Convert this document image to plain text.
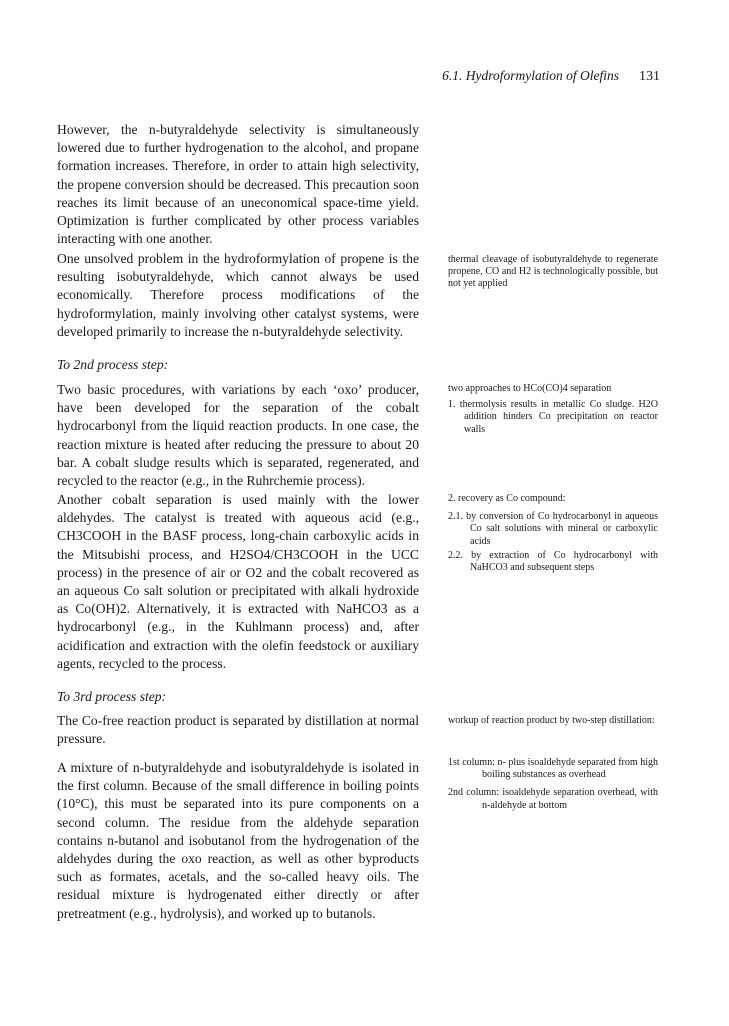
6.1. Hydroformylation of Olefins 131

However, the n-butyraldehyde selectivity is simultaneously lowered due to further hydrogenation to the alcohol, and propane formation increases. Therefore, in order to attain high selectivity, the propene conversion should be decreased. This precaution soon reaches its limit because of an uneconomical space-time yield. Optimization is further complicated by other process variables interacting with one another.

One unsolved problem in the hydroformylation of propene is the resulting isobutyraldehyde, which cannot always be used economically. Therefore process modifications of the hydroformylation, mainly involving other catalyst systems, were developed primarily to increase the n-butyraldehyde selectivity.

To 2nd process step:

Two basic procedures, with variations by each ‘oxo’ producer, have been developed for the separation of the cobalt hydrocarbonyl from the liquid reaction products. In one case, the reaction mixture is heated after reducing the pressure to about 20 bar. A cobalt sludge results which is separated, regenerated, and recycled to the reactor (e.g., in the Ruhrchemie process).

Another cobalt separation is used mainly with the lower aldehydes. The catalyst is treated with aqueous acid (e.g., CH3COOH in the BASF process, long-chain carboxylic acids in the Mitsubishi process, and H2SO4/CH3COOH in the UCC process) in the presence of air or O2 and the cobalt recovered as an aqueous Co salt solution or precipitated with alkali hydroxide as Co(OH)2. Alternatively, it is extracted with NaHCO3 as a hydrocarbonyl (e.g., in the Kuhlmann process) and, after acidification and extraction with the olefin feedstock or auxiliary agents, recycled to the process.

To 3rd process step:

The Co-free reaction product is separated by distillation at normal pressure.

A mixture of n-butyraldehyde and isobutyraldehyde is isolated in the first column. Because of the small difference in boiling points (10°C), this must be separated into its pure components on a second column. The residue from the aldehyde separation contains n-butanol and isobutanol from the hydrogenation of the aldehydes during the oxo reaction, as well as other byproducts such as formates, acetals, and the so-called heavy oils. The residual mixture is hydrogenated either directly or after pretreatment (e.g., hydrolysis), and worked up to butanols.

thermal cleavage of isobutyraldehyde to regenerate propene, CO and H2 is technologically possible, but not yet applied

two approaches to HCo(CO)4 separation

1. thermolysis results in metallic Co sludge. H2O addition hinders Co precipitation on reactor walls

2. recovery as Co compound:

2.1. by conversion of Co hydrocarbonyl in aqueous Co salt solutions with mineral or carboxylic acids

2.2. by extraction of Co hydrocarbonyl with NaHCO3 and subsequent steps

workup of reaction product by two-step distillation:

1st column: n- plus isoaldehyde separated from high boiling substances as overhead

2nd column: isoaldehyde separation overhead, with n-aldehyde at bottom
